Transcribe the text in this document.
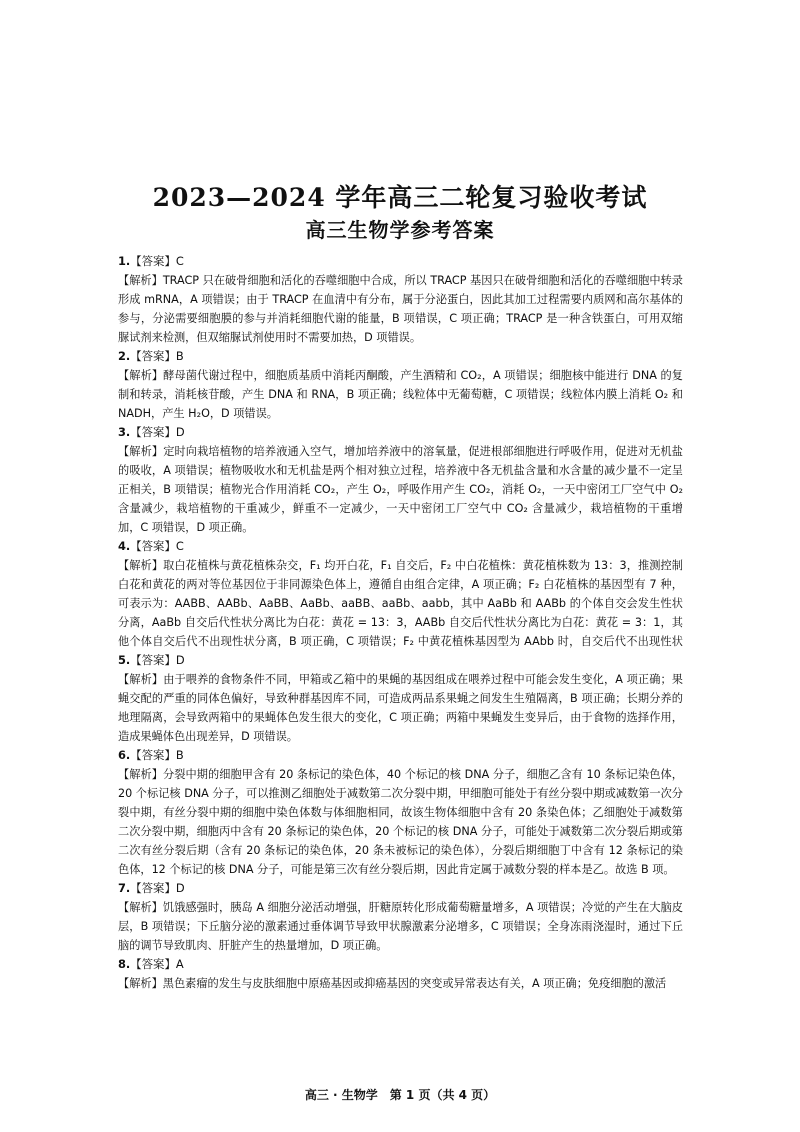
2023—2024 学年高三二轮复习验收考试
高三生物学参考答案
1.【答案】C
【解析】TRACP 只在破骨细胞和活化的吞噬细胞中合成，所以 TRACP 基因只在破骨细胞和活化的吞噬细胞中转录形成 mRNA，A 项错误；由于 TRACP 在血清中有分布，属于分泌蛋白，因此其加工过程需要内质网和高尔基体的参与，分泌需要细胞膜的参与并消耗细胞代谢的能量，B 项错误，C 项正确；TRACP 是一种含铁蛋白，可用双缩脲试剂来检测，但双缩脲试剂使用时不需要加热，D 项错误。
2.【答案】B
【解析】酵母菌代谢过程中，细胞质基质中消耗丙酮酸，产生酒精和 CO₂，A 项错误；细胞核中能进行 DNA 的复制和转录，消耗核苷酸，产生 DNA 和 RNA，B 项正确；线粒体中无葡萄糖，C 项错误；线粒体内膜上消耗 O₂ 和 NADH，产生 H₂O，D 项错误。
3.【答案】D
【解析】定时向栽培植物的培养液通入空气，增加培养液中的溶氧量，促进根部细胞进行呼吸作用，促进对无机盐的吸收，A 项错误；植物吸收水和无机盐是两个相对独立过程，培养液中各无机盐含量和水含量的减少量不一定呈正相关，B 项错误；植物光合作用消耗 CO₂，产生 O₂，呼吸作用产生 CO₂，消耗 O₂，一天中密闭工厂空气中 O₂ 含量减少，栽培植物的干重减少，鲜重不一定减少，一天中密闭工厂空气中 CO₂ 含量减少，栽培植物的干重增加，C 项错误，D 项正确。
4.【答案】C
【解析】取白花植株与黄花植株杂交，F₁ 均开白花，F₁ 自交后，F₂ 中白花植株：黄花植株数为 13：3，推测控制白花和黄花的两对等位基因位于非同源染色体上，遵循自由组合定律，A 项正确；F₂ 白花植株的基因型有 7 种，可表示为：AABB、AABb、AaBB、AaBb、aaBB、aaBb、aabb，其中 AaBb 和 AABb 的个体自交会发生性状分离，AaBb 自交后代性状分离比为白花：黄花 = 13：3，AABb 自交后代性状分离比为白花：黄花 = 3：1，其他个体自交后代不出现性状分离，B 项正确，C 项错误；F₂ 中黄花植株基因型为 AAbb 时，自交后代不出现性状
5.【答案】D
【解析】由于喂养的食物条件不同，甲箱或乙箱中的果蝇的基因组成在喂养过程中可能会发生变化，A 项正确；果蝇交配的严重的同体色偏好，导致种群基因库不同，可造成两品系果蝇之间发生生殖隔离，B 项正确；长期分养的地理隔离，会导致两箱中的果蝇体色发生很大的变化，C 项正确；两箱中果蝇发生变异后，由于食物的选择作用，造成果蝇体色出现差异，D 项错误。
6.【答案】B
【解析】分裂中期的细胞甲含有 20 条标记的染色体，40 个标记的核 DNA 分子，细胞乙含有 10 条标记染色体，20 个标记核 DNA 分子，可以推测乙细胞处于减数第二次分裂中期，甲细胞可能处于有丝分裂中期或减数第一次分裂中期，有丝分裂中期的细胞中染色体数与体细胞相同，故该生物体细胞中含有 20 条染色体；乙细胞处于减数第二次分裂中期，细胞丙中含有 20 条标记的染色体，20 个标记的核 DNA 分子，可能处于减数第二次分裂后期或第二次有丝分裂后期（含有 20 条标记的染色体，20 条未被标记的染色体），分裂后期细胞丁中含有 12 条标记的染色体，12 个标记的核 DNA 分子，可能是第三次有丝分裂后期，因此肯定属于减数分裂的样本是乙。故选 B 项。
7.【答案】D
【解析】饥饿感强时，胰岛 A 细胞分泌活动增强，肝糖原转化形成葡萄糖量增多，A 项错误；冷觉的产生在大脑皮层，B 项错误；下丘脑分泌的激素通过垂体调节导致甲状腺激素分泌增多，C 项错误；全身冻雨浇湿时，通过下丘脑的调节导致肌肉、肝脏产生的热量增加，D 项正确。
8.【答案】A
【解析】黑色素瘤的发生与皮肤细胞中原癌基因或抑癌基因的突变或异常表达有关，A 项正确；免疫细胞的激活
高三 · 生物学　第 1 页（共 4 页）
